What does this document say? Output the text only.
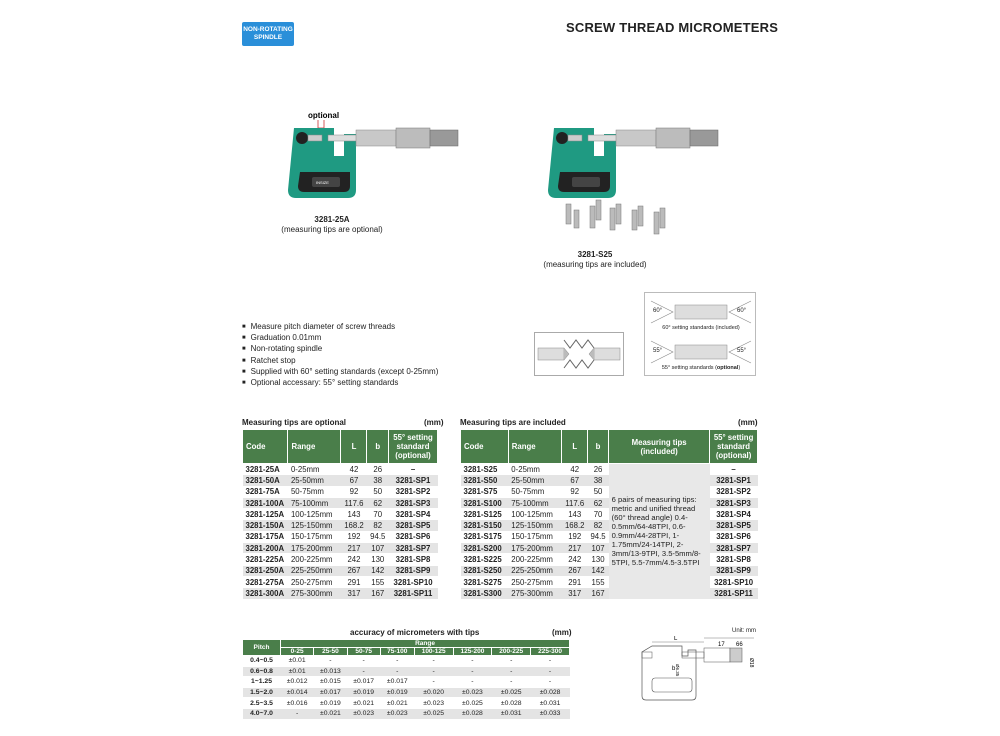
NON-ROTATING
SPINDLE
SCREW THREAD MICROMETERS
optional
INSIZE
3281-25A
(measuring tips are optional)
3281-S25
(measuring tips are included)
■ Measure pitch diameter of screw threads
■ Graduation 0.01mm
■ Non-rotating spindle
■ Ratchet stop
■ Supplied with 60° setting standards (except 0-25mm)
■ Optional accessary: 55° setting standards
60°	60°
60° setting standards (included)
55°	55°
55° setting standards (optional)
Measuring tips are optional	(mm)
Code	Range	L	b	55° setting standard (optional)
3281-25A	0-25mm	42	26	–
3281-50A	25-50mm	67	38	3281-SP1
3281-75A	50-75mm	92	50	3281-SP2
3281-100A	75-100mm	117.6	62	3281-SP3
3281-125A	100-125mm	143	70	3281-SP4
3281-150A	125-150mm	168.2	82	3281-SP5
3281-175A	150-175mm	192	94.5	3281-SP6
3281-200A	175-200mm	217	107	3281-SP7
3281-225A	200-225mm	242	130	3281-SP8
3281-250A	225-250mm	267	142	3281-SP9
3281-275A	250-275mm	291	155	3281-SP10
3281-300A	275-300mm	317	167	3281-SP11
Measuring tips are included	(mm)
Code	Range	L	b	Measuring tips (included)	55° setting standard (optional)
3281-S25	0-25mm	42	26	6 pairs of measuring tips: metric and unified thread (60° thread angle) 0.4-0.5mm/64-48TPI, 0.6-0.9mm/44-28TPI, 1-1.75mm/24-14TPI, 2-3mm/13-9TPI, 3.5-5mm/8-5TPI, 5.5-7mm/4.5-3.5TPI	–
3281-S50	25-50mm	67	38		3281-SP1
3281-S75	50-75mm	92	50		3281-SP2
3281-S100	75-100mm	117.6	62		3281-SP3
3281-S125	100-125mm	143	70		3281-SP4
3281-S150	125-150mm	168.2	82		3281-SP5
3281-S175	150-175mm	192	94.5		3281-SP6
3281-S200	175-200mm	217	107		3281-SP7
3281-S225	200-225mm	242	130		3281-SP8
3281-S250	225-250mm	267	142		3281-SP9
3281-S275	250-275mm	291	155		3281-SP10
3281-S300	275-300mm	317	167		3281-SP11
accuracy of micrometers with tips	(mm)
Pitch	Range							
	0-25	25-50	50-75	75-100	100-125	125-200	200-225	225-300
0.4~0.5	±0.01	-	-	-	-	-	-	-
0.6~0.8	±0.01	±0.013	-	-	-	-	-	-
1~1.25	±0.012	±0.015	±0.017	±0.017	-	-	-	-
1.5~2.0	±0.014	±0.017	±0.019	±0.019	±0.020	±0.023	±0.025	±0.028
2.5~3.5	±0.016	±0.019	±0.021	±0.021	±0.023	±0.025	±0.028	±0.031
4.0~7.0	-	±0.021	±0.023	±0.023	±0.025	±0.028	±0.031	±0.033
Unit: mm
L
17 66
b
Ø18
Ø6.35
